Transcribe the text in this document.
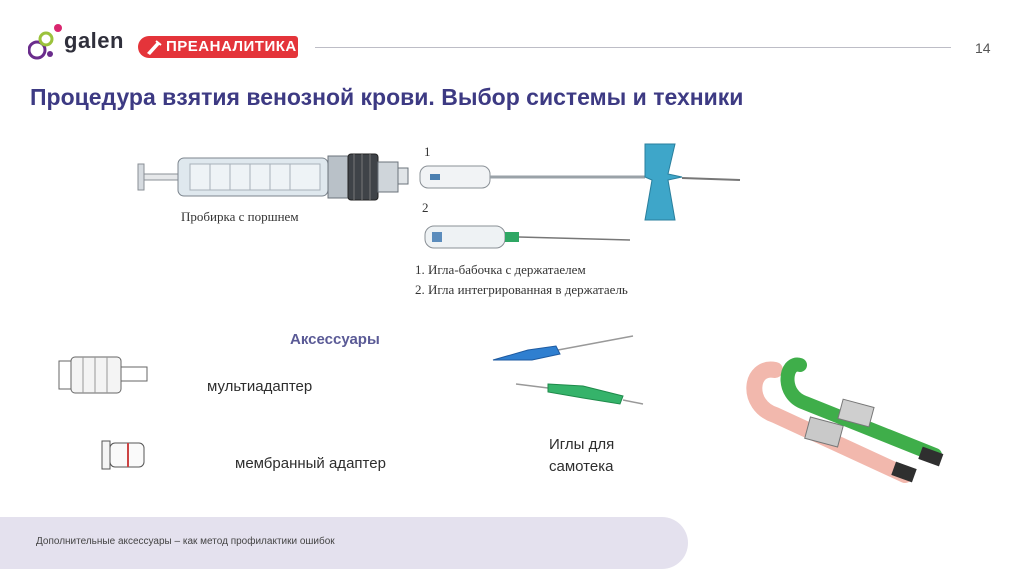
galen	ПРЕАНАЛИТИКА	14
Процедура взятия венозной крови. Выбор системы и техники
Пробирка с поршнем
1
2
1. Игла-бабочка с держатаелем
2. Игла интегрированная в держатаель
Аксессуары
мультиадаптер
мембранный адаптер
Иглы для
самотека
Дополнительные аксессуары – как метод профилактики ошибок
